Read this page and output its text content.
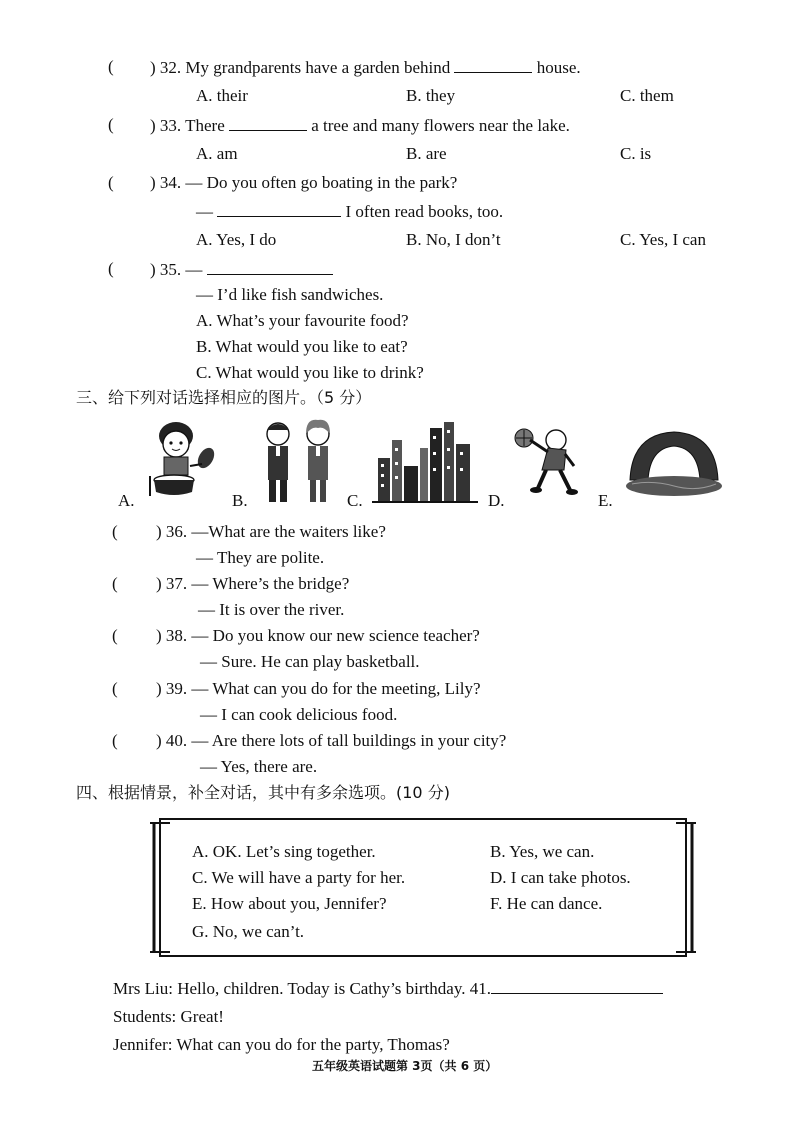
( ) 32. My grandparents have a garden behind	house.
A. their	B. they	C. them
( ) 33. There	a tree and many flowers near the lake.
A. am	B. are	C. is
( ) 34. — Do you often go boating in the park?
—	I often read books, too.
A. Yes, I do	B. No, I don’t	C. Yes, I can
( ) 35. —
— I’d like fish sandwiches.
A. What’s your favourite food?
B. What would you like to eat?
C. What would you like to drink?
三、给下列对话选择相应的图片。（5 分）
A.	B.	C.	D.	E.
( ) 36. —What are the waiters like?
— They are polite.
( ) 37. — Where’s the bridge?
— It is over the river.
( ) 38. — Do you know our new science teacher?
— Sure. He can play basketball.
( ) 39. — What can you do for the meeting, Lily?
— I can cook delicious food.
( ) 40. — Are there lots of tall buildings in your city?
— Yes, there are.
四、根据情景，补全对话，其中有多余选项。(10 分)
A. OK. Let’s sing together.	B. Yes, we can.
C. We will have a party for her.	D. I can take photos.
E. How about you, Jennifer?	F. He can dance.
G. No, we can’t.
Mrs Liu: Hello, children. Today is Cathy’s birthday. 41.
Students: Great!
Jennifer: What can you do for the party, Thomas?
五年级英语试题第 3页（共 6 页）
